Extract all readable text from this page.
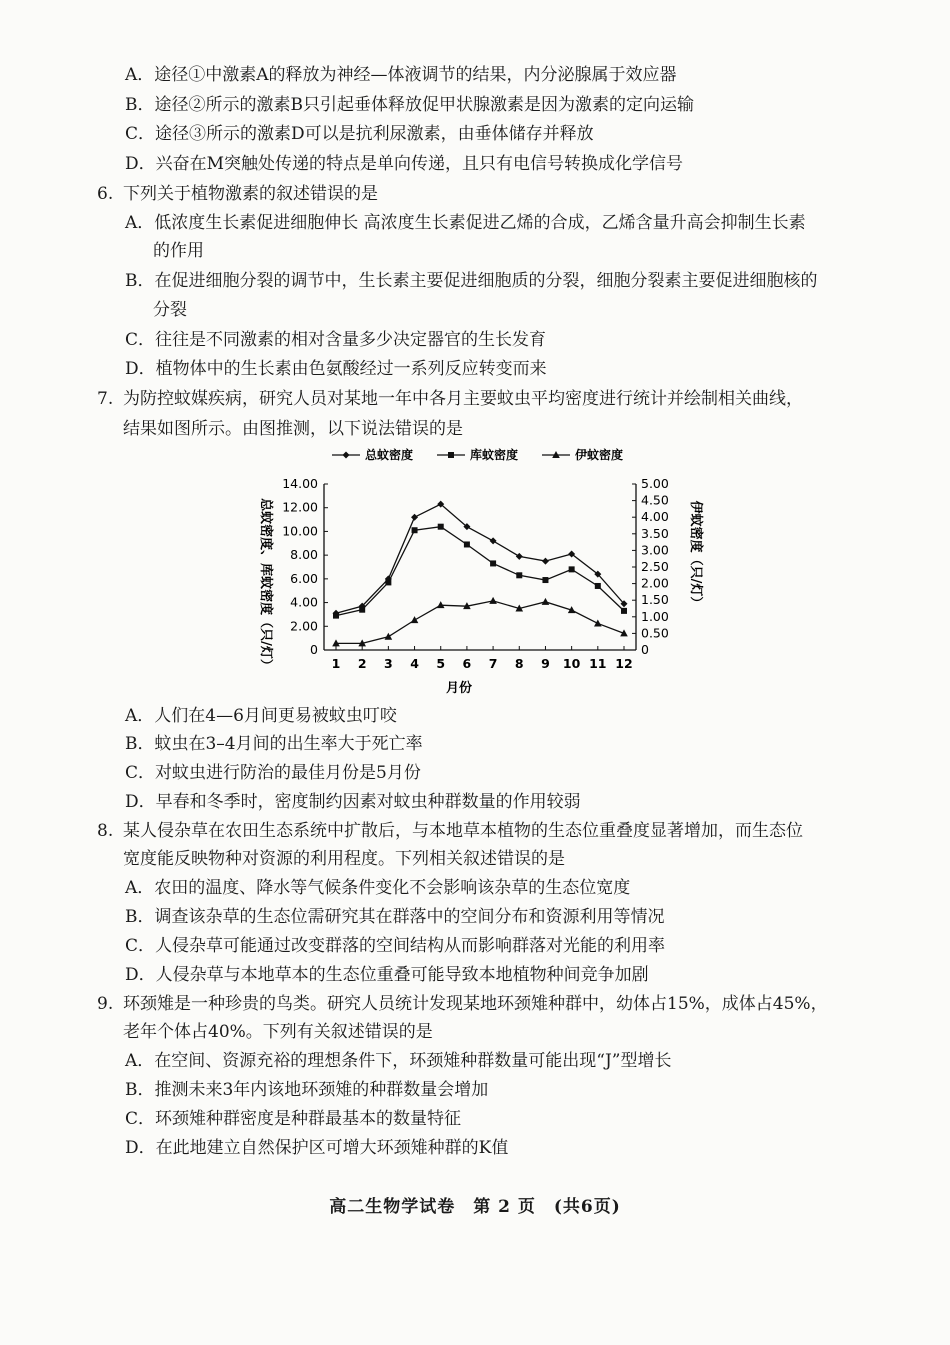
A．途径①中激素A的释放为神经—体液调节的结果，内分泌腺属于效应器
B．途径②所示的激素B只引起垂体释放促甲状腺激素是因为激素的定向运输
C．途径③所示的激素D可以是抗利尿激素，由垂体储存并释放
D．兴奋在M突触处传递的特点是单向传递，且只有电信号转换成化学信号
6. 下列关于植物激素的叙述错误的是
A．低浓度生长素促进细胞伸长 高浓度生长素促进乙烯的合成，乙烯含量升高会抑制生长素
的作用
B．在促进细胞分裂的调节中，生长素主要促进细胞质的分裂，细胞分裂素主要促进细胞核的
分裂
C．往往是不同激素的相对含量多少决定器官的生长发育
D．植物体中的生长素由色氨酸经过一系列反应转变而来
7. 为防控蚊媒疾病，研究人员对某地一年中各月主要蚊虫平均密度进行统计并绘制相关曲线，
结果如图所示。由图推测，以下说法错误的是
总蚊密度	库蚊密度	伊蚊密度
0
2.00
4.00
6.00
8.00
10.00
12.00
14.00
0
0.50
1.00
1.50
2.00
2.50
3.00
3.50
4.00
4.50
5.00
1 2 3 4 5 6 7 8 9 10 11 12
总蚊密度、库蚊密度（只/灯）	伊蚊密度（只/灯）
月份
A．人们在4—6月间更易被蚊虫叮咬
B．蚊虫在3–4月间的出生率大于死亡率
C．对蚊虫进行防治的最佳月份是5月份
D．早春和冬季时，密度制约因素对蚊虫种群数量的作用较弱
8. 某人侵杂草在农田生态系统中扩散后，与本地草本植物的生态位重叠度显著增加，而生态位
宽度能反映物种对资源的利用程度。下列相关叙述错误的是
A．农田的温度、降水等气候条件变化不会影响该杂草的生态位宽度
B．调查该杂草的生态位需研究其在群落中的空间分布和资源利用等情况
C．人侵杂草可能通过改变群落的空间结构从而影响群落对光能的利用率
D．人侵杂草与本地草本的生态位重叠可能导致本地植物种间竞争加剧
9. 环颈雉是一种珍贵的鸟类。研究人员统计发现某地环颈雉种群中，幼体占15%，成体占45%，
老年个体占40%。下列有关叙述错误的是
A．在空间、资源充裕的理想条件下，环颈雉种群数量可能出现“J”型增长
B．推测未来3年内该地环颈雉的种群数量会增加
C．环颈雉种群密度是种群最基本的数量特征
D．在此地建立自然保护区可增大环颈雉种群的K值
高二生物学试卷　第 2 页　(共6页)
